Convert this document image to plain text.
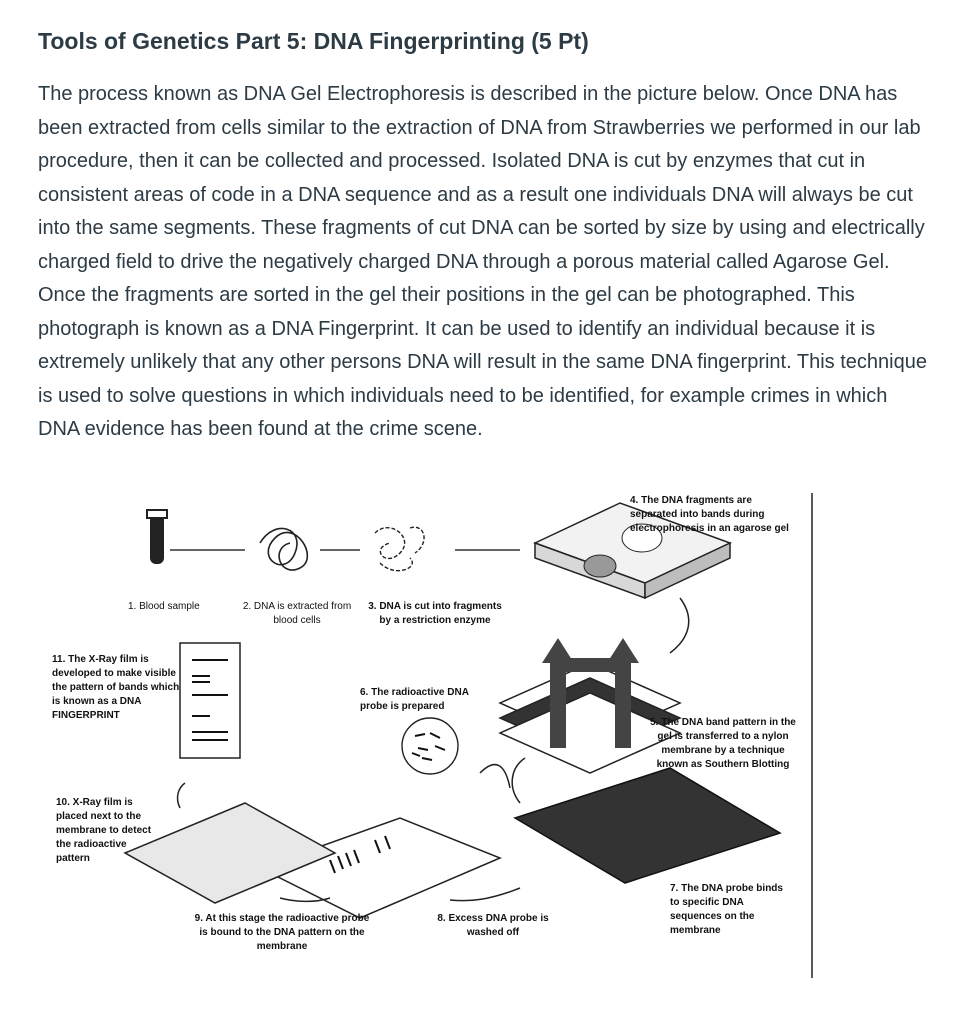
Tools of Genetics Part 5: DNA Fingerprinting (5 Pt)

The process known as DNA Gel Electrophoresis is described in the picture below. Once DNA has been extracted from cells similar to the extraction of DNA from Strawberries we performed in our lab procedure, then it can be collected and processed. Isolated DNA is cut by enzymes that cut in consistent areas of code in a DNA sequence and as a result one individuals DNA will always be cut into the same segments. These fragments of cut DNA can be sorted by size by using and electrically charged field to drive the negatively charged DNA through a porous material called Agarose Gel. Once the fragments are sorted in the gel their positions in the gel can be photographed. This photograph is known as a DNA Fingerprint. It can be used to identify an individual because it is extremely unlikely that any other persons DNA will result in the same DNA fingerprint. This technique is used to solve questions in which individuals need to be identified, for example crimes in which DNA evidence has been found at the crime scene.

1. Blood sample	2. DNA is extracted from blood cells
3. DNA is cut into fragments by a restriction enzyme
4. The DNA fragments are separated into bands during electrophoresis in an agarose gel
5. The DNA band pattern in the gel is transferred to a nylon membrane by a technique known as Southern Blotting
6. The radioactive DNA probe is prepared
7. The DNA probe binds to specific DNA sequences on the membrane
8. Excess DNA probe is washed off
9. At this stage the radioactive probe is bound to the DNA pattern on the membrane
10. X-Ray film is placed next to the membrane to detect the radioactive pattern
11. The X-Ray film is developed to make visible the pattern of bands which is known as a DNA FINGERPRINT
